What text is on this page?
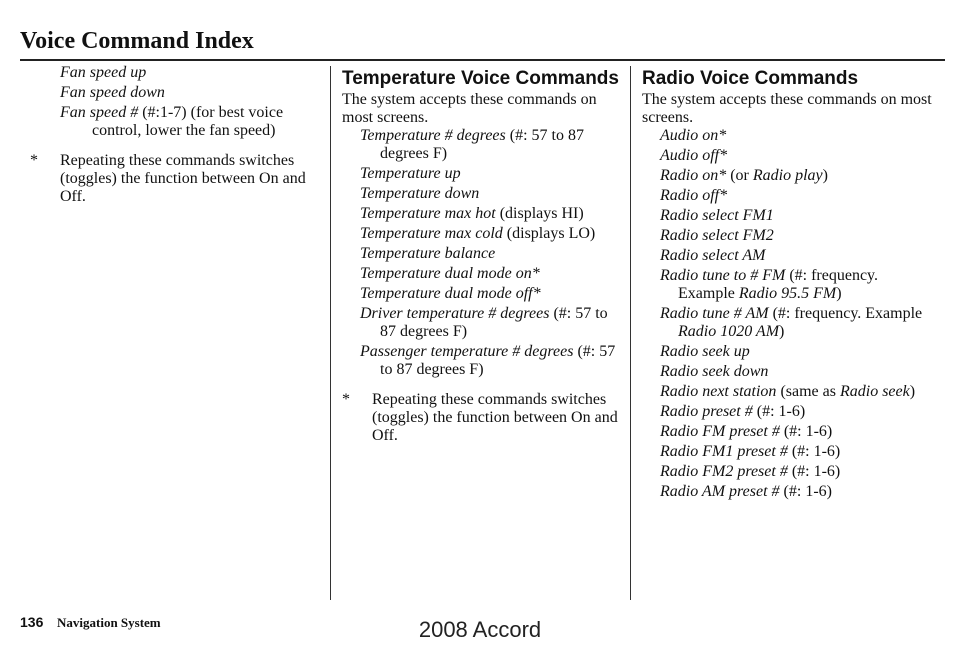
Voice Command Index
Fan speed up
Fan speed down
Fan speed # (#:1-7) (for best voice control, lower the fan speed)

* Repeating these commands switches (toggles) the function between On and Off.

Temperature Voice Commands

The system accepts these commands on most screens.

Temperature # degrees (#: 57 to 87 degrees F)
Temperature up
Temperature down
Temperature max hot (displays HI)
Temperature max cold (displays LO)
Temperature balance
Temperature dual mode on*
Temperature dual mode off*
Driver temperature # degrees (#: 57 to 87 degrees F)
Passenger temperature # degrees (#: 57 to 87 degrees F)

* Repeating these commands switches (toggles) the function between On and Off.

Radio Voice Commands

The system accepts these commands on most screens.

Audio on*
Audio off*
Radio on* (or Radio play)
Radio off*
Radio select FM1
Radio select FM2
Radio select AM
Radio tune to # FM (#: frequency. Example Radio 95.5 FM)
Radio tune # AM (#: frequency. Example Radio 1020 AM)
Radio seek up
Radio seek down
Radio next station (same as Radio seek)
Radio preset # (#: 1-6)
Radio FM preset # (#: 1-6)
Radio FM1 preset # (#: 1-6)
Radio FM2 preset # (#: 1-6)
Radio AM preset # (#: 1-6)
136 Navigation System	2008 Accord
